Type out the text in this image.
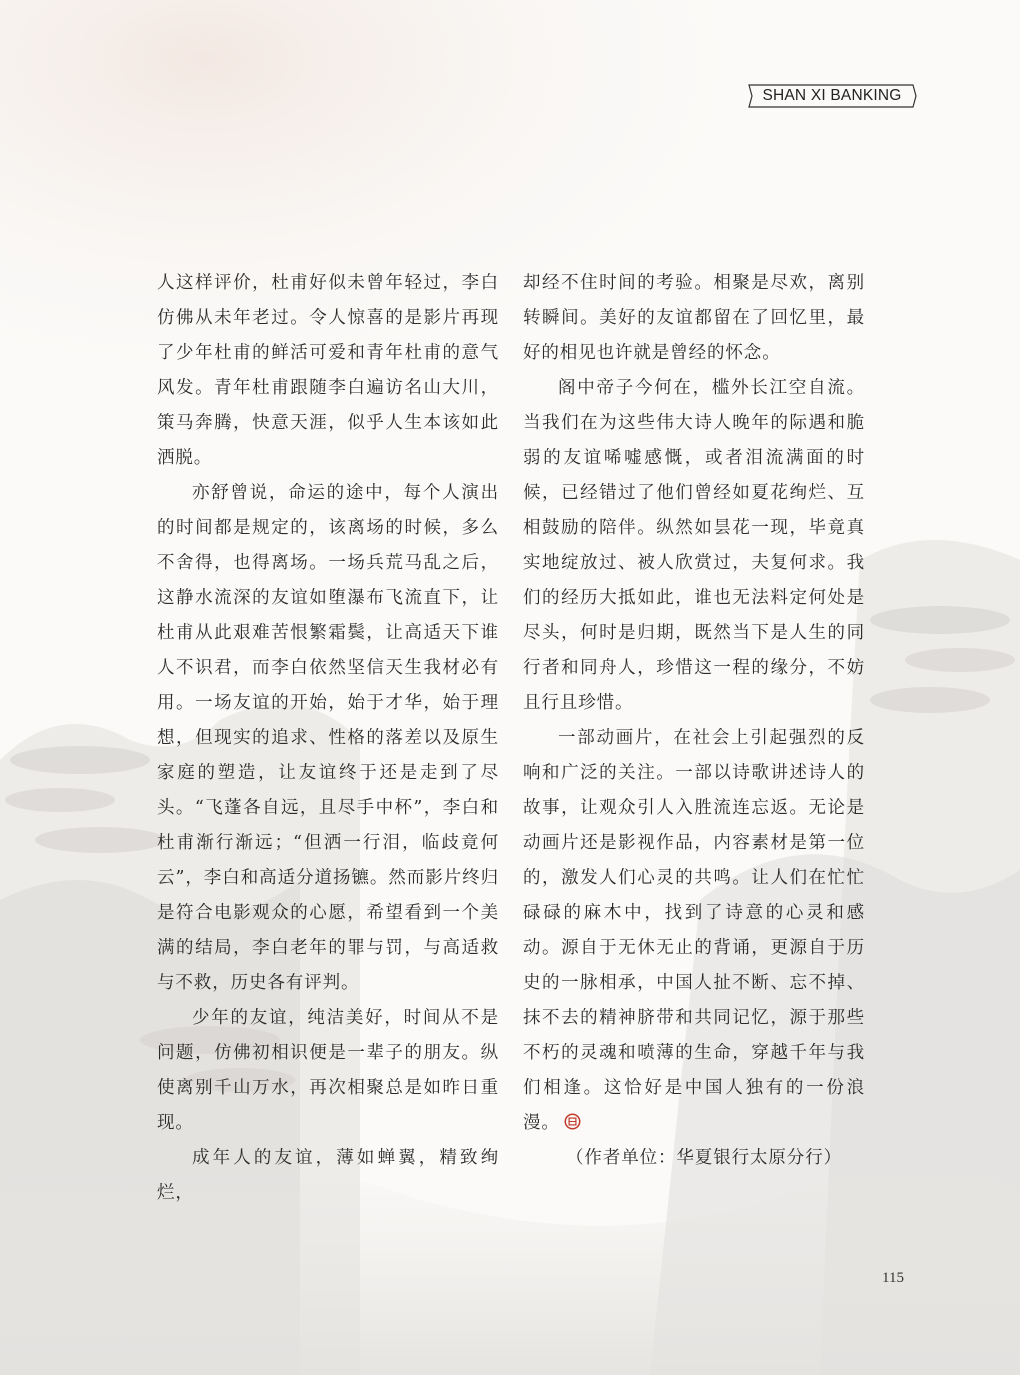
SHAN XI BANKING

人这样评价，杜甫好似未曾年轻过，李白仿佛从未年老过。令人惊喜的是影片再现了少年杜甫的鲜活可爱和青年杜甫的意气风发。青年杜甫跟随李白遍访名山大川，策马奔腾，快意天涯，似乎人生本该如此洒脱。

亦舒曾说，命运的途中，每个人演出的时间都是规定的，该离场的时候，多么不舍得，也得离场。一场兵荒马乱之后，这静水流深的友谊如堕瀑布飞流直下，让杜甫从此艰难苦恨繁霜鬓，让高适天下谁人不识君，而李白依然坚信天生我材必有用。一场友谊的开始，始于才华，始于理想，但现实的追求、性格的落差以及原生家庭的塑造，让友谊终于还是走到了尽头。“飞蓬各自远，且尽手中杯”，李白和杜甫渐行渐远；“但洒一行泪，临歧竟何云”，李白和高适分道扬镳。然而影片终归是符合电影观众的心愿，希望看到一个美满的结局，李白老年的罪与罚，与高适救与不救，历史各有评判。

少年的友谊，纯洁美好，时间从不是问题，仿佛初相识便是一辈子的朋友。纵使离别千山万水，再次相聚总是如昨日重现。

成年人的友谊，薄如蝉翼，精致绚烂，

却经不住时间的考验。相聚是尽欢，离别转瞬间。美好的友谊都留在了回忆里，最好的相见也许就是曾经的怀念。

阁中帝子今何在，槛外长江空自流。当我们在为这些伟大诗人晚年的际遇和脆弱的友谊唏嘘感慨，或者泪流满面的时候，已经错过了他们曾经如夏花绚烂、互相鼓励的陪伴。纵然如昙花一现，毕竟真实地绽放过、被人欣赏过，夫复何求。我们的经历大抵如此，谁也无法料定何处是尽头，何时是归期，既然当下是人生的同行者和同舟人，珍惜这一程的缘分，不妨且行且珍惜。

一部动画片，在社会上引起强烈的反响和广泛的关注。一部以诗歌讲述诗人的故事，让观众引人入胜流连忘返。无论是动画片还是影视作品，内容素材是第一位的，激发人们心灵的共鸣。让人们在忙忙碌碌的麻木中，找到了诗意的心灵和感动。源自于无休无止的背诵，更源自于历史的一脉相承，中国人扯不断、忘不掉、抹不去的精神脐带和共同记忆，源于那些不朽的灵魂和喷薄的生命，穿越千年与我们相逢。这恰好是中国人独有的一份浪漫。

（作者单位：华夏银行太原分行）

115
